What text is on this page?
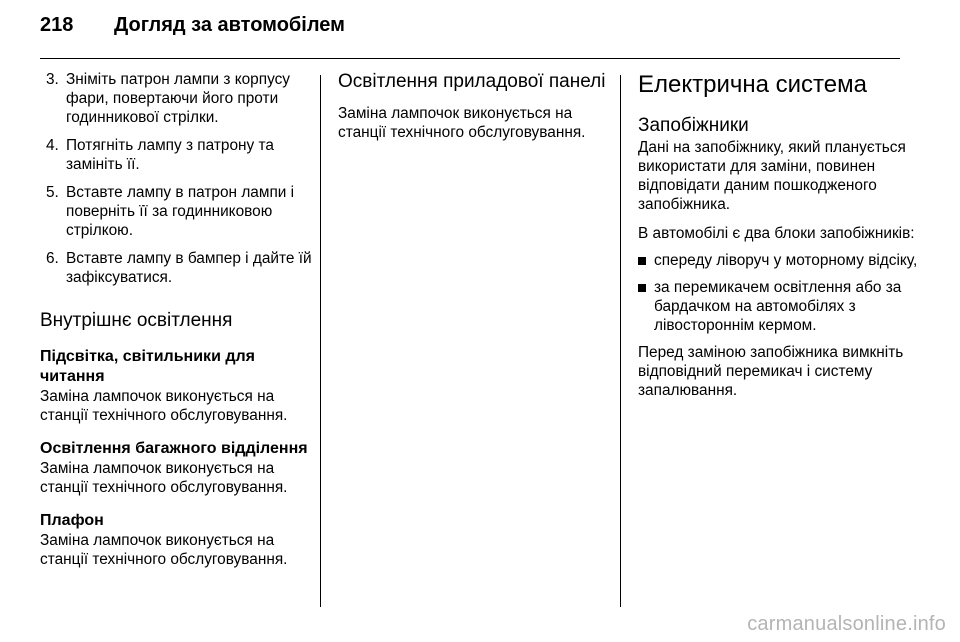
218 Догляд за автомобілем
3. Зніміть патрон лампи з корпусу фари, повертаючи його проти годинникової стрілки.
4. Потягніть лампу з патрону та замініть її.
5. Вставте лампу в патрон лампи і поверніть її за годинниковою стрілкою.
6. Вставте лампу в бампер і дайте їй зафіксуватися.
Внутрішнє освітлення
Підсвітка, світильники для читання

Заміна лампочок виконується на станції технічного обслуговування.

Освітлення багажного відділення

Заміна лампочок виконується на станції технічного обслуговування.

Плафон

Заміна лампочок виконується на станції технічного обслуговування.

Освітлення приладової панелі

Заміна лампочок виконується на станції технічного обслуговування.

Електрична система
Запобіжники

Дані на запобіжнику, який планується використати для заміни, повинен відповідати даним пошкодженого запобіжника.

В автомобілі є два блоки запобіжників:

спереду ліворуч у моторному відсіку,
за перемикачем освітлення або за бардачком на автомобілях з лівостороннім кермом.

Перед заміною запобіжника вимкніть відповідний перемикач і систему запалювання.

carmanualsonline.info
